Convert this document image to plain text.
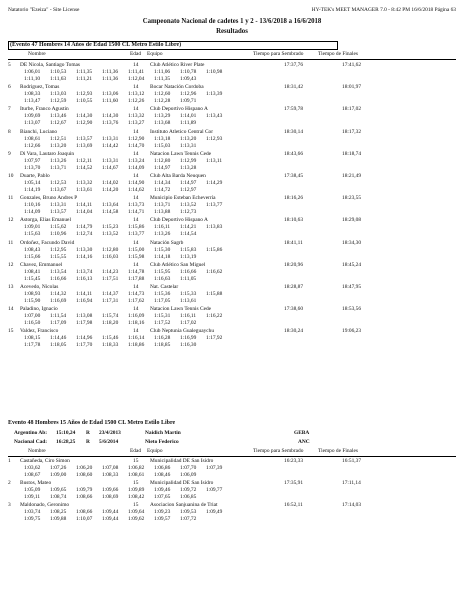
Natatorio "Ezeiza" - Site License	HY-TEK's MEET MANAGER 7.0 - 8:42 PM 16/6/2018 Página 63
Campeonato Nacional de cadetes 1 y 2 - 13/6/2018 a 16/6/2018
Resultados
(Evento 47 Hombres 14 Años de Edad 1500 CL Metro Estilo Libre)
Nombre	Edad Equipo	Tiempo para Sembrado	Tiempo de Finales
5 DE Nicola, Santiago Tomas	14 Club Atlético River Plate	17:37,76	17:41,62
1:06,01 1:10,53 1:11,35 1:11,36 1:11,41 1:11,06 1:10,78 1:10,98
1:11,10 1:11,63 1:11,21 1:11,36 1:12,04 1:11,35 1:09,43
6 Rodriguez, Tomas	14 Bocar Natación Cordoba	18:31,42	18:01,97
1:08,33 1:13,03 1:12,93 1:13,06 1:13,12 1:12,60 1:12,96 1:13,39
1:13,47 1:12,59 1:10,55 1:11,60 1:12,26 1:12,28 1:09,71
7 Iturbe, Franco Agustin	14 Club Deportivo Hispano A	17:59,78	18:17,02
1:09,69 1:13,46 1:14,30 1:14,30 1:13,32 1:13,29 1:14,01 1:13,43
1:13,07 1:12,67 1:12,90 1:13,76 1:13,27 1:13,68 1:11,89
8 Bianchi, Luciano	14 Instituto Atletico Central Cor	18:30,14	18:17,32
1:08,61 1:12,51 1:13,57 1:13,31 1:12,90 1:13,18 1:13,20 1:12,93
1:12,66 1:13,20 1:13,69 1:14,42 1:14,70 1:15,03 1:13,31
9 Di Vara, Lautaro Joaquin	14 Natacion Lawn Tennis Cede	18:43,66	18:18,74
1:07,97 1:13,26 1:12,11 1:13,31 1:13,24 1:12,80 1:12,99 1:13,11
1:13,70 1:13,71 1:14,52 1:14,67 1:14,09 1:14,97 1:13,28
10 Duarte, Pablo	14 Club Alta Barda Neuquen	17:38,45	18:21,49
1:05,14 1:12,53 1:13,32 1:14,02 1:14,90 1:14,34 1:14,97 1:14,29
1:14,19 1:13,67 1:13,61 1:14,20 1:14,62 1:14,72 1:12,97
11 Gonzales, Bruno Andres P	14 Municipio Esteban Echeverría	18:16,26	18:23,55
1:10,16 1:13,31 1:14,11 1:13,64 1:13,73 1:13,71 1:13,52 1:13,77
1:14,09 1:13,57 1:14,04 1:14,58 1:14,71 1:13,88 1:12,73
12 Astorga, Elias Emanuel	14 Club Deportivo Hispano A	18:10,63	18:29,08
1:09,01 1:15,62 1:14,79 1:15,23 1:15,86 1:16,11 1:14,21 1:13,83
1:15,63 1:10,96 1:12,74 1:13,52 1:13,77 1:13,26 1:14,54
11 Ordoñez, Facundo David	14 Natación Sagrb	18:41,11	18:34,30
1:08,43 1:12,95 1:13,30 1:12,80 1:15,00 1:15,30 1:15,83 1:15,86
1:15,66 1:15,55 1:14,16 1:16,03 1:15,98 1:14,18 1:13,19
12 Chavez, Emmanuel	14 Club Atlético San Miguel	18:20,96	18:45,24
1:08,41 1:13,54 1:13,74 1:14,23 1:14,78 1:15,95 1:16,66 1:16,62
1:15,45 1:16,66 1:16,13 1:17,51 1:17,88 1:16,63 1:11,05
13 Acevedo, Nicolas	14 Nat. Castelar	18:28,87	18:47,95
1:08,93 1:14,32 1:14,11 1:14,37 1:14,73 1:15,36 1:15,33 1:15,88
1:15,90 1:16,69 1:16,94 1:17,31 1:17,62 1:17,05 1:13,61
14 Paladino, Ignacio	14 Natacion Lawn Tennis Cede	17:38,60	18:53,56
1:07,00 1:11,54 1:13,08 1:15,74 1:16,09 1:15,31 1:16,11 1:16,22
1:16,50 1:17,09 1:17,98 1:18,20 1:18,16 1:17,52 1:17,02
15 Valdez, Francisco	14 Club Neptunia Gualeguaychu	18:30,24	19:06,23
1:08,15 1:14,46 1:14,96 1:15,46 1:16,14 1:16,28 1:16,99 1:17,92
1:17,78 1:18,05 1:17,70 1:18,33 1:18,86 1:18,85 1:16,30
Evento 48 Hombres 15 Años de Edad 1500 CL Metro Estilo Libre
Argentino Ab: 15:10,24 R 23/4/2013	Naidich Martin	GEBA
Nacional Cad: 16:28,25 R 5/6/2014	Nieto Federico	ANC
Nombre	Edad Equipo	Tiempo para Sembrado	Tiempo de Finales
1 Castañeda, Ciro Simon	15 Municipalidad DE San Isidro	16:23,33	16:51,37
1:03,62 1:07,26 1:06,20 1:07,08 1:06,82 1:06,86 1:07,70 1:07,39
1:08,67 1:09,00 1:08,60 1:08,33 1:08,61 1:08,46 1:06,09
2 Bustos, Mateo	15 Municipalidad DE San Isidro	17:35,91	17:11,14
1:05,09 1:09,65 1:09,79 1:09,66 1:09,89 1:09,46 1:09,72 1:09,77
1:09,11 1:08,74 1:08,66 1:08,69 1:08,42 1:07,65 1:06,85
3 Maldonado, Geronimo	15 Asociacion Sanjuanina de Triat	16:52,11	17:14,03
1:03,74 1:08,25 1:08,66 1:09,44 1:09,64 1:09,23 1:09,53 1:09,49
1:09,75 1:09,88 1:10,07 1:09,44 1:09,62 1:09,57 1:07,72
